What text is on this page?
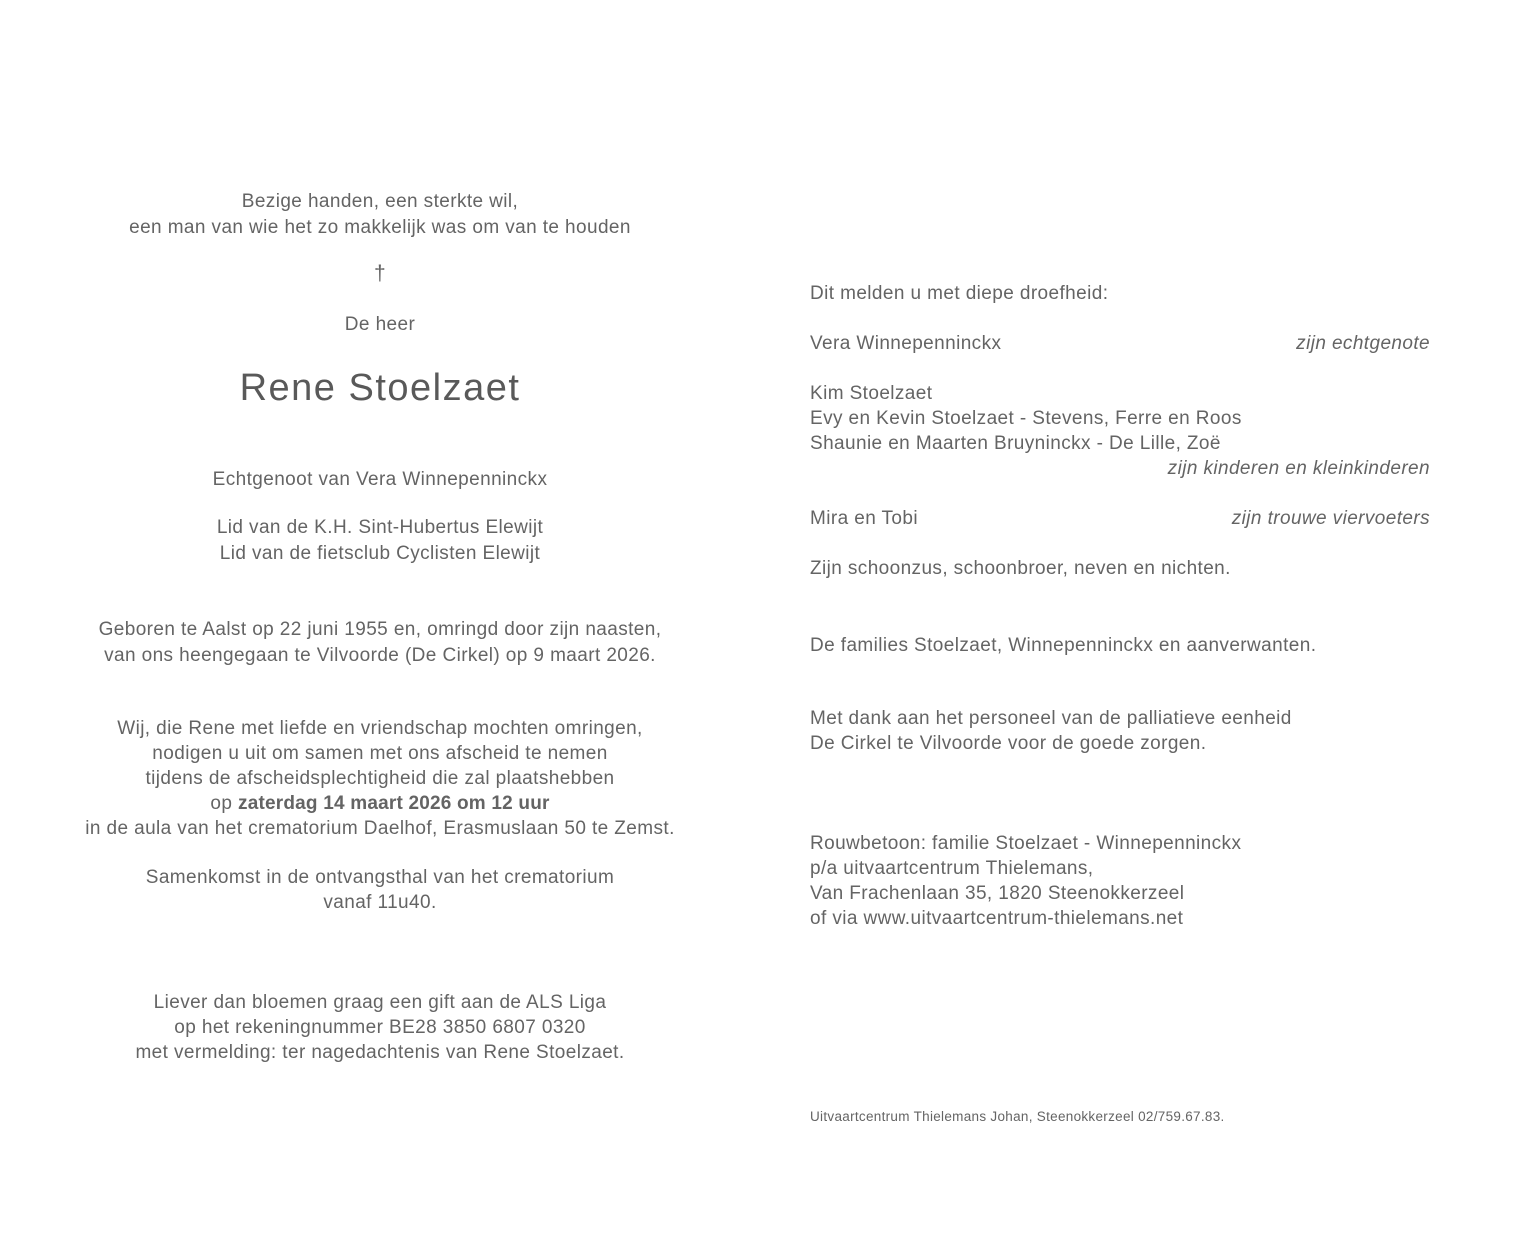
Bezige handen, een sterkte wil,
een man van wie het zo makkelijk was om van te houden
†
De heer
Rene Stoelzaet
Echtgenoot van Vera Winnepenninckx
Lid van de K.H. Sint-Hubertus Elewijt
Lid van de fietsclub Cyclisten Elewijt
Geboren te Aalst op 22 juni 1955 en, omringd door zijn naasten,
van ons heengegaan te Vilvoorde (De Cirkel) op 9 maart 2026.
Wij, die Rene met liefde en vriendschap mochten omringen,
nodigen u uit om samen met ons afscheid te nemen
tijdens de afscheidsplechtigheid die zal plaatshebben
op zaterdag 14 maart 2026 om 12 uur
in de aula van het crematorium Daelhof, Erasmuslaan 50 te Zemst.
Samenkomst in de ontvangsthal van het crematorium
vanaf 11u40.
Liever dan bloemen graag een gift aan de ALS Liga
op het rekeningnummer BE28 3850 6807 0320
met vermelding: ter nagedachtenis van Rene Stoelzaet.
Dit melden u met diepe droefheid:
Vera Winnepenninckx	zijn echtgenote
Kim Stoelzaet
Evy en Kevin Stoelzaet - Stevens, Ferre en Roos
Shaunie en Maarten Bruyninckx - De Lille, Zoë
zijn kinderen en kleinkinderen
Mira en Tobi	zijn trouwe viervoeters
Zijn schoonzus, schoonbroer, neven en nichten.
De families Stoelzaet, Winnepenninckx en aanverwanten.
Met dank aan het personeel van de palliatieve eenheid
De Cirkel te Vilvoorde voor de goede zorgen.
Rouwbetoon: familie Stoelzaet - Winnepenninckx
p/a uitvaartcentrum Thielemans,
Van Frachenlaan 35, 1820 Steenokkerzeel
of via www.uitvaartcentrum-thielemans.net
Uitvaartcentrum Thielemans Johan, Steenokkerzeel 02/759.67.83.
